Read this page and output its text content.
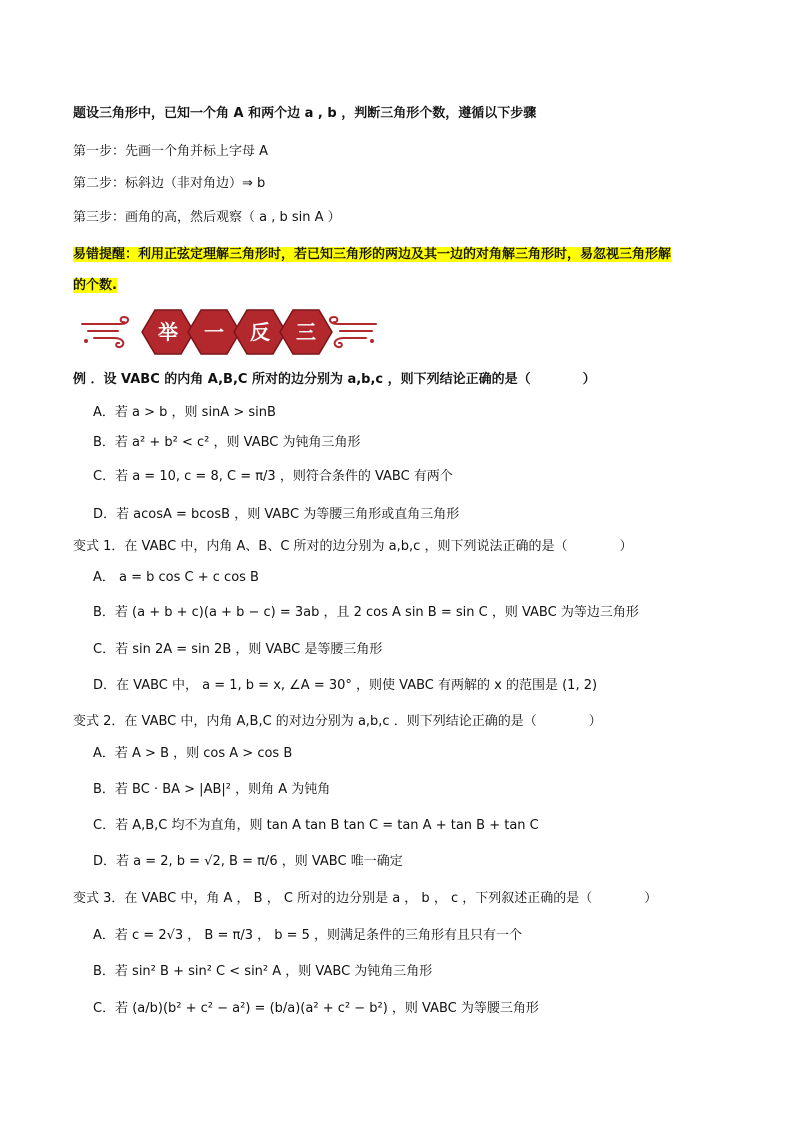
题设三角形中，已知一个角 A 和两个边 a , b ，判断三角形个数，遵循以下步骤
第一步：先画一个角并标上字母 A
第二步：标斜边（非对角边）⇒ b
第三步：画角的高，然后观察（ a , b sin A ）
易错提醒：利用正弦定理解三角形时，若已知三角形的两边及其一边的对角解三角形时，易忽视三角形解
的个数.
举 一 反 三
例 ．设 VABC 的内角 A,B,C 所对的边分别为 a,b,c ，则下列结论正确的是（　　　　）
A．若 a > b ，则 sinA > sinB
B．若 a² + b² < c² ，则 VABC 为钝角三角形
C．若 a = 10, c = 8, C = π/3 ，则符合条件的 VABC 有两个
D．若 acosA = bcosB ，则 VABC 为等腰三角形或直角三角形
变式 1．在 VABC 中，内角 A、B、C 所对的边分别为 a,b,c ，则下列说法正确的是（　　　　）
A． a = b cos C + c cos B
B．若 (a + b + c)(a + b − c) = 3ab ，且 2 cos A sin B = sin C ，则 VABC 为等边三角形
C．若 sin 2A = sin 2B ，则 VABC 是等腰三角形
D．在 VABC 中， a = 1, b = x, ∠A = 30° ，则使 VABC 有两解的 x 的范围是 (1, 2)
变式 2．在 VABC 中，内角 A,B,C 的对边分别为 a,b,c ．则下列结论正确的是（　　　　）
A．若 A > B ，则 cos A > cos B
B．若 BC · BA > |AB|² ，则角 A 为钝角
C．若 A,B,C 均不为直角，则 tan A tan B tan C = tan A + tan B + tan C
D．若 a = 2, b = √2, B = π/6 ，则 VABC 唯一确定
变式 3．在 VABC 中，角 A ， B ， C 所对的边分别是 a ， b ， c ，下列叙述正确的是（　　　　）
A．若 c = 2√3 ， B = π/3 ， b = 5 ，则满足条件的三角形有且只有一个
B．若 sin² B + sin² C < sin² A ，则 VABC 为钝角三角形
C．若 (a/b)(b² + c² − a²) = (b/a)(a² + c² − b²) ，则 VABC 为等腰三角形
